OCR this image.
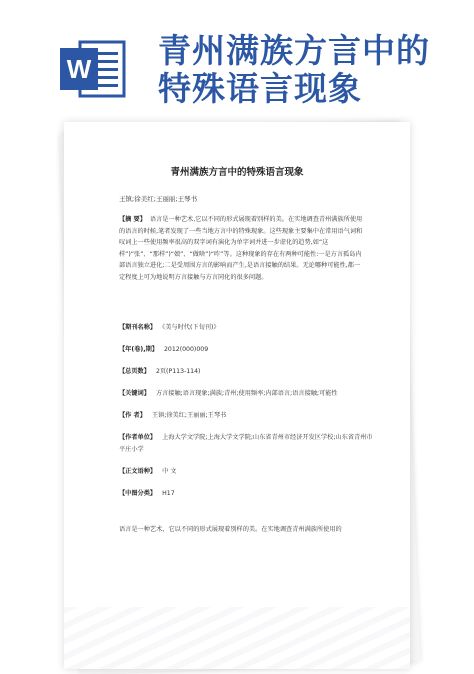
W 青州满族方言中的
特殊语言现象
青州满族方言中的特殊语言现象
王镇;徐美红;王丽丽;王琴书
【摘 要】 语言是一种艺术,它以不同的形式展现着别样的美。在实地调查青州满族所使用的语言的时候,笔者发现了一些当地方言中的特殊现象。这些现象主要集中在常用语气词和叹词上一些使用频率很高的双字词有演化为单字词并进一步虚化的趋势,如“这样”)“张”、“那样”)“娘”、“做啥”)“咋”等。这种现象的存在有两种可能性:一是方言孤岛内部语言独立进化;二是受周围方言的影响而产生,是语言接触的结果。无论哪种可能性,都一定程度上可为地说明方言接触与方言同化的很多问题。
【期刊名称】 《美与时代(下旬刊)》
【年(卷),期】 2012(000)009
【总页数】 2页(P113-114)
【关键词】 方言接触;语言现象;满族;青州;使用频率;内部语言;语言接触;可能性
【作 者】 王镇;徐美红;王丽丽;王琴书
【作者单位】 上海大学文学院;上海大学文学院;山东省青州市经济开发区学校;山东省青州市平庄小学
【正文语种】 中 文
【中图分类】 H17
语言是一种艺术，它以不同的形式展现着别样的美。在实地调查青州满族所使用的
